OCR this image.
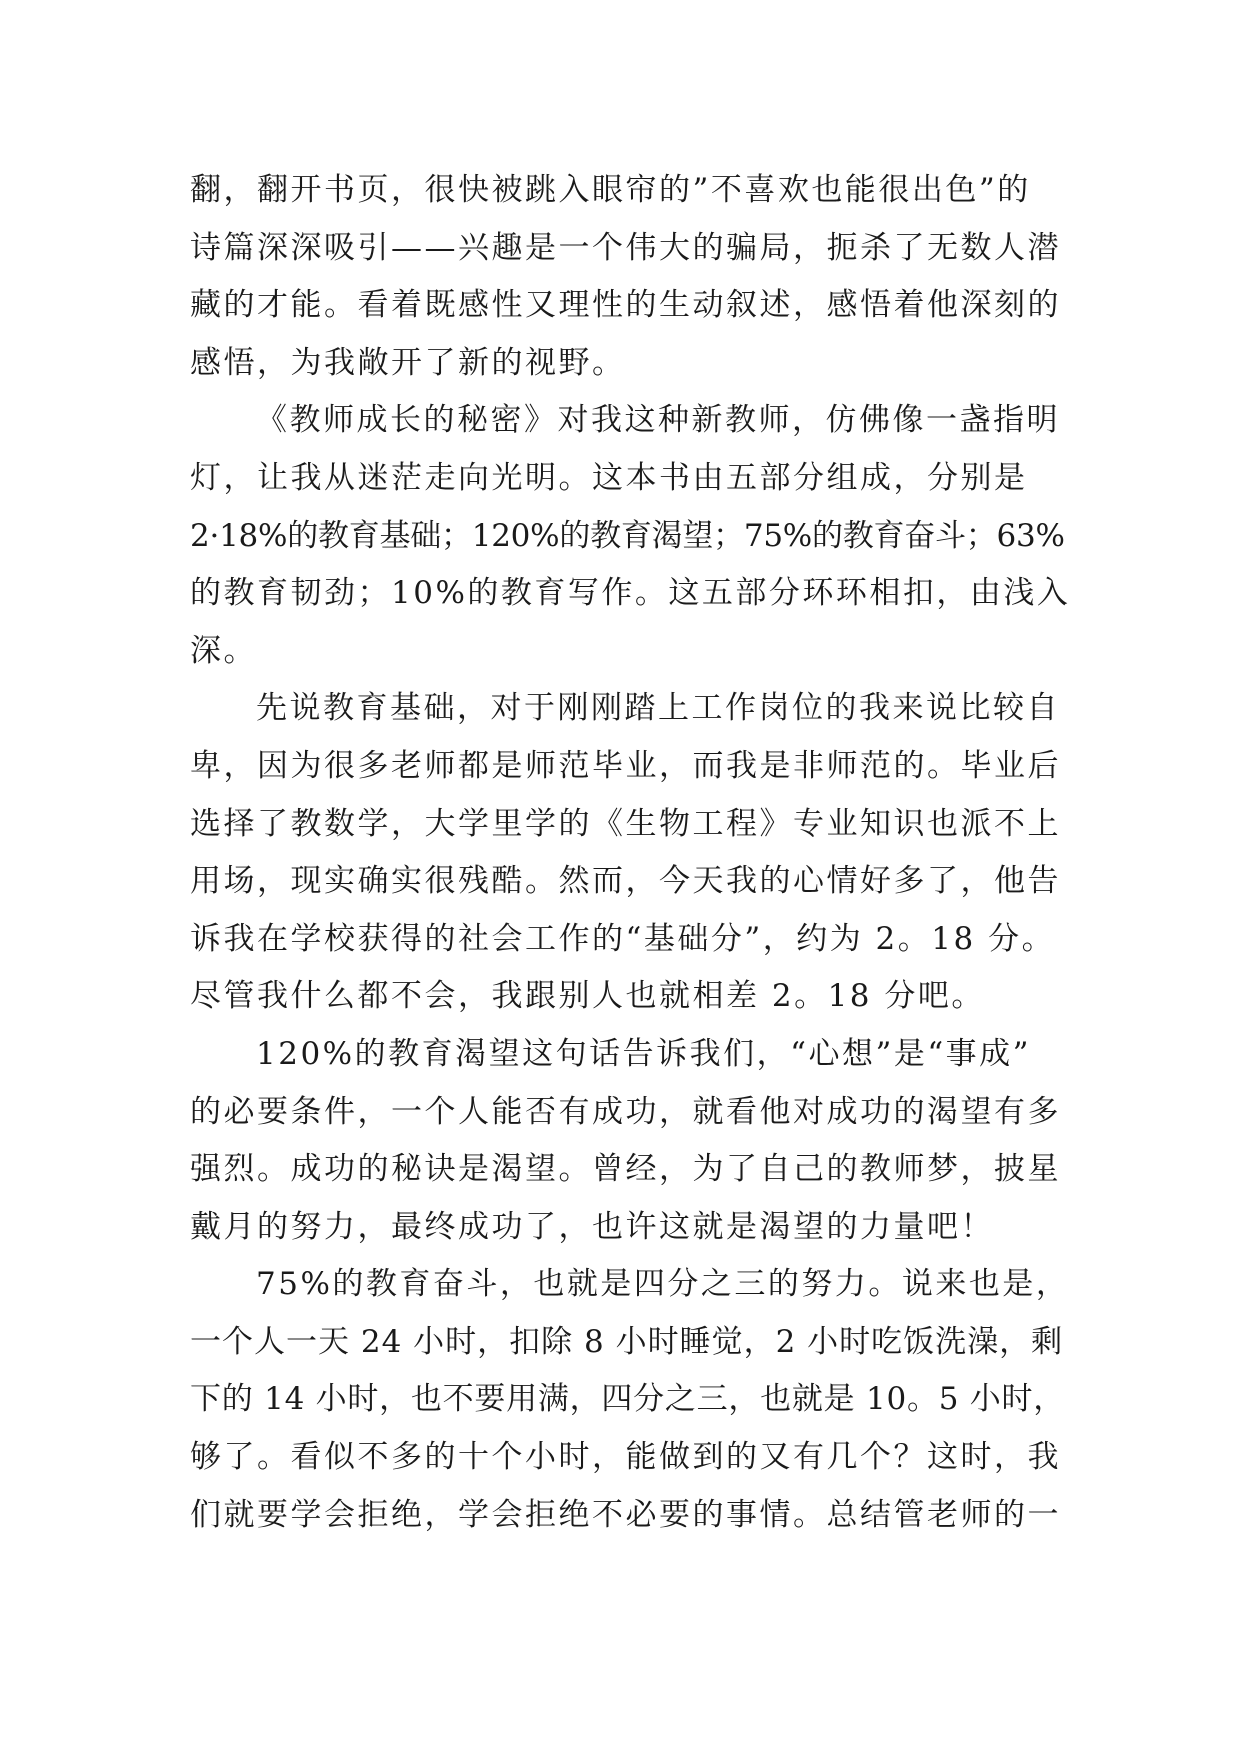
翻，翻开书页，很快被跳入眼帘的”不喜欢也能很出色”的
诗篇深深吸引——兴趣是一个伟大的骗局，扼杀了无数人潜
藏的才能。看着既感性又理性的生动叙述，感悟着他深刻的
感悟，为我敞开了新的视野。
《教师成长的秘密》对我这种新教师，仿佛像一盏指明
灯，让我从迷茫走向光明。这本书由五部分组成，分别是
2·18%的教育基础；120%的教育渴望；75%的教育奋斗；63%
的教育韧劲；10%的教育写作。这五部分环环相扣，由浅入
深。
先说教育基础，对于刚刚踏上工作岗位的我来说比较自
卑，因为很多老师都是师范毕业，而我是非师范的。毕业后
选择了教数学，大学里学的《生物工程》专业知识也派不上
用场，现实确实很残酷。然而，今天我的心情好多了，他告
诉我在学校获得的社会工作的“基础分”，约为 2。18 分。
尽管我什么都不会，我跟别人也就相差 2。18 分吧。
120%的教育渴望这句话告诉我们，“心想”是“事成”
的必要条件，一个人能否有成功，就看他对成功的渴望有多
强烈。成功的秘诀是渴望。曾经，为了自己的教师梦，披星
戴月的努力，最终成功了，也许这就是渴望的力量吧！
75%的教育奋斗，也就是四分之三的努力。说来也是，
一个人一天 24 小时，扣除 8 小时睡觉，2 小时吃饭洗澡，剩
下的 14 小时，也不要用满，四分之三，也就是 10。5 小时，
够了。看似不多的十个小时，能做到的又有几个？这时，我
们就要学会拒绝，学会拒绝不必要的事情。总结管老师的一
